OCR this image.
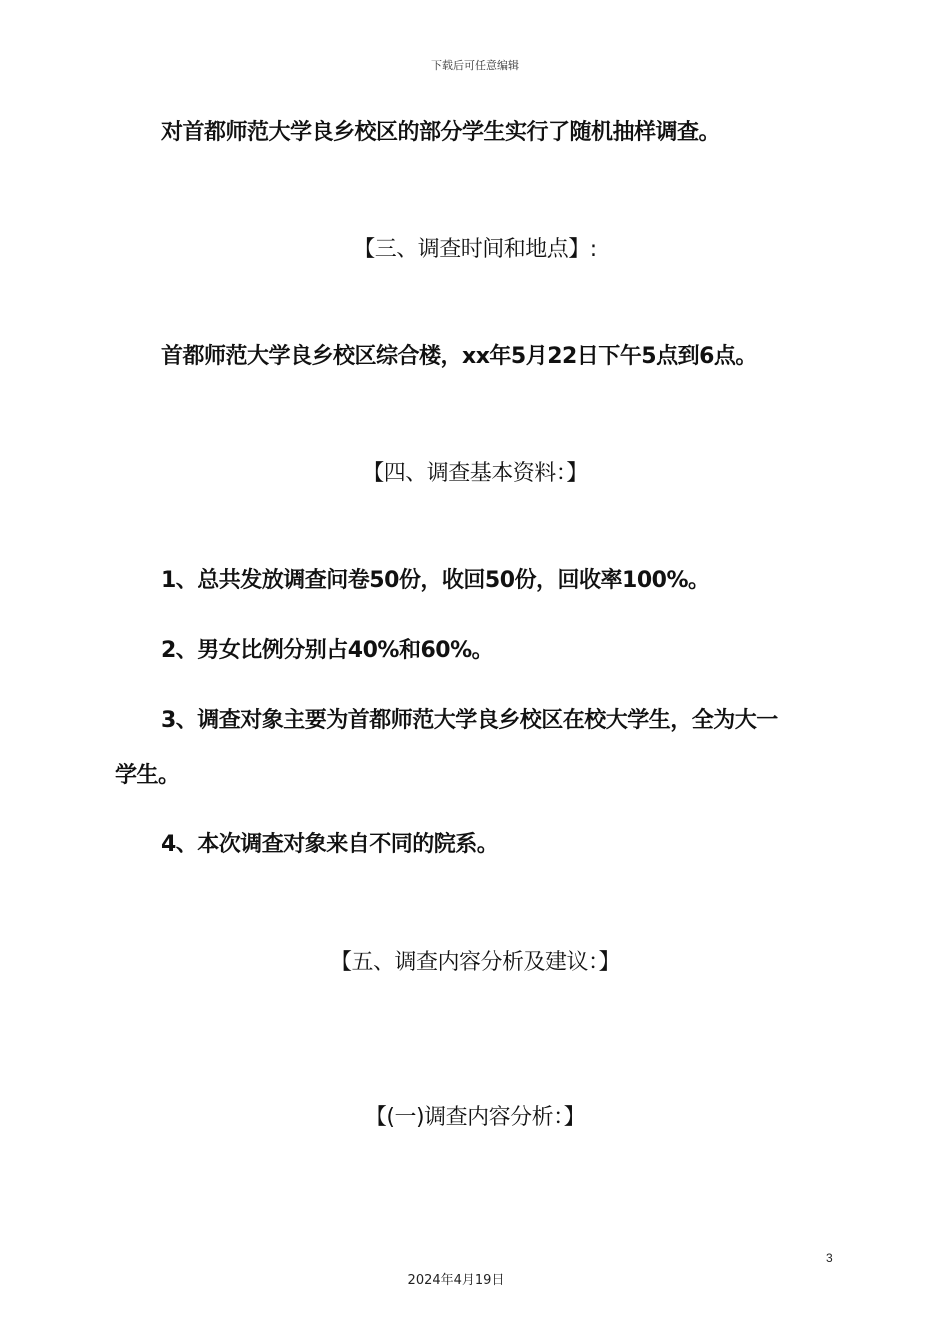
下载后可任意编辑
对首都师范大学良乡校区的部分学生实行了随机抽样调查。
【三、调查时间和地点】:
首都师范大学良乡校区综合楼，xx年5月22日下午5点到6点。
【四、调查基本资料：】
1、总共发放调查问卷50份，收回50份，回收率100%。
2、男女比例分别占40%和60%。
3、调查对象主要为首都师范大学良乡校区在校大学生，全为大一
学生。
4、本次调查对象来自不同的院系。
【五、调查内容分析及建议：】
【(一)调查内容分析：】
3
2024年4月19日
